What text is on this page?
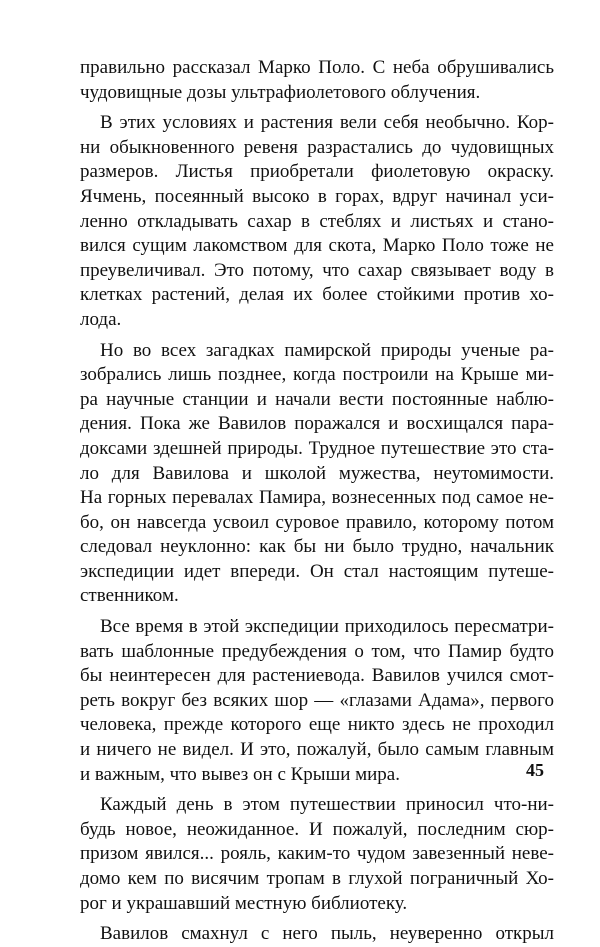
правильно рассказал Марко Поло. С неба обрушивались
чудовищные дозы ультрафиолетового облучения.
В этих условиях и растения вели себя необычно. Кор-
ни обыкновенного ревеня разрастались до чудовищных
размеров. Листья приобретали фиолетовую окраску.
Ячмень, посеянный высоко в горах, вдруг начинал уси-
ленно откладывать сахар в стеблях и листьях и стано-
вился сущим лакомством для скота, Марко Поло тоже не
преувеличивал. Это потому, что сахар связывает воду в
клетках растений, делая их более стойкими против хо-
лода.
Но во всех загадках памирской природы ученые ра-
зобрались лишь позднее, когда построили на Крыше ми-
ра научные станции и начали вести постоянные наблю-
дения. Пока же Вавилов поражался и восхищался пара-
доксами здешней природы. Трудное путешествие это ста-
ло для Вавилова и школой мужества, неутомимости.
На горных перевалах Памира, вознесенных под самое не-
бо, он навсегда усвоил суровое правило, которому потом
следовал неуклонно: как бы ни было трудно, начальник
экспедиции идет впереди. Он стал настоящим путеше-
ственником.
Все время в этой экспедиции приходилось пересматри-
вать шаблонные предубеждения о том, что Памир будто
бы неинтересен для растениевода. Вавилов учился смот-
реть вокруг без всяких шор — «глазами Адама», первого
человека, прежде которого еще никто здесь не проходил
и ничего не видел. И это, пожалуй, было самым главным
и важным, что вывез он с Крыши мира.
Каждый день в этом путешествии приносил что-ни-
будь новое, неожиданное. И пожалуй, последним сюр-
призом явился... рояль, каким-то чудом завезенный неве-
домо кем по висячим тропам в глухой пограничный Хо-
рог и украшавший местную библиотеку.
Вавилов смахнул с него пыль, неуверенно открыл
45
